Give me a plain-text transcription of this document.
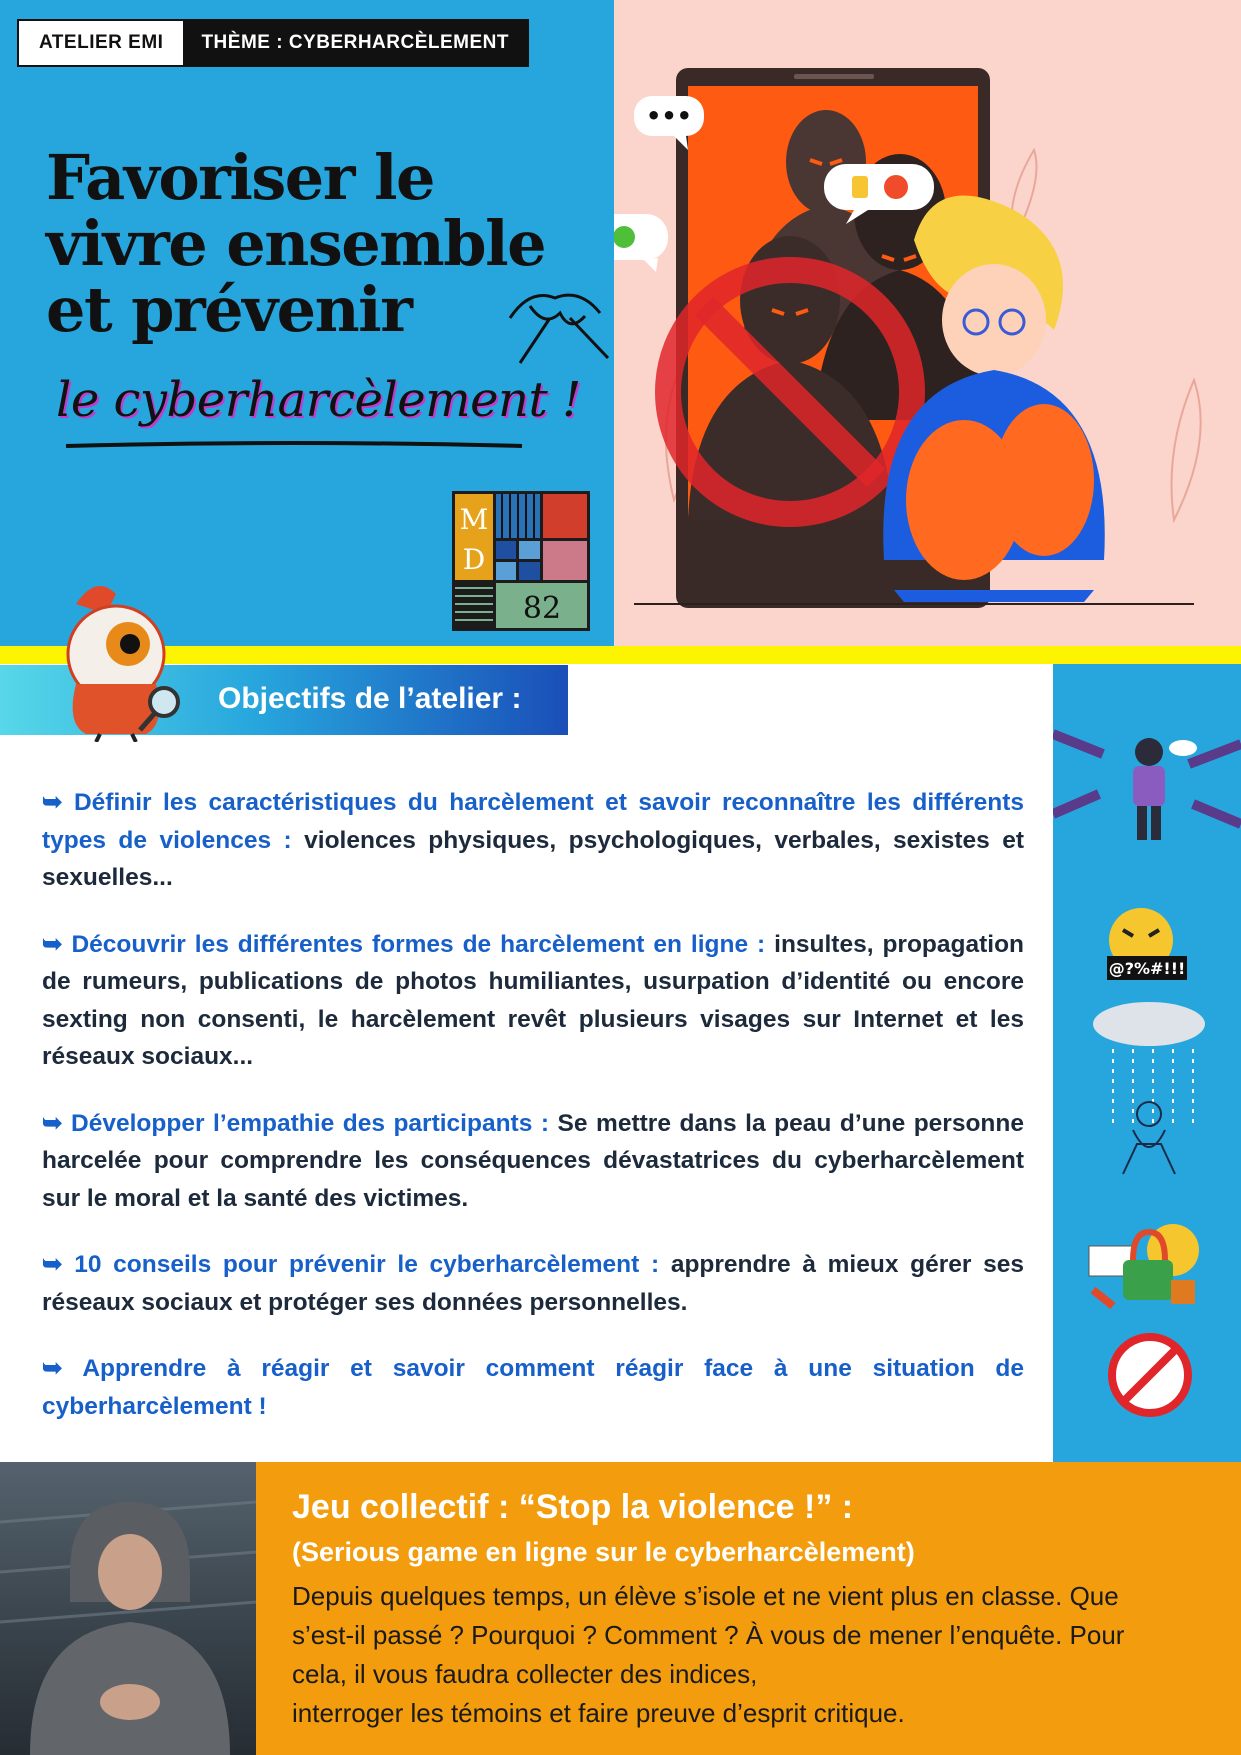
•••
ATELIER EMI	THÈME : CYBERHARCÈLEMENT
Favoriser le
vivre ensemble
et prévenir
le cyberharcèlement !
M
D
82
Objectifs de l’atelier :
@?%#!!!

➥ Définir les caractéristiques du harcèlement et savoir reconnaître les différents types de violences : violences physiques, psychologiques, verbales, sexistes et sexuelles...

➥ Découvrir les différentes formes de harcèlement en ligne : insultes, propagation de rumeurs, publications de photos humiliantes, usurpation d’identité ou encore sexting non consenti, le harcèlement revêt plusieurs visages sur Internet et les réseaux sociaux...

➥ Développer l’empathie des participants : Se mettre dans la peau d’une personne harcelée pour comprendre les conséquences dévastatrices du cyberharcèlement sur le moral et la santé des victimes.

➥ 10 conseils pour prévenir le cyberharcèlement : apprendre à mieux gérer ses réseaux sociaux et protéger ses données personnelles.

➥ Apprendre à réagir et savoir comment réagir face à une situation de cyberharcèlement !

Jeu collectif : “Stop la violence !” :
(Serious game en ligne sur le cyberharcèlement)
Depuis quelques temps, un élève s’isole et ne vient plus en classe. Que
s’est-il passé ? Pourquoi ? Comment ? À vous de mener l’enquête. Pour
cela, il vous faudra collecter des indices,
interroger les témoins et faire preuve d’esprit critique.
